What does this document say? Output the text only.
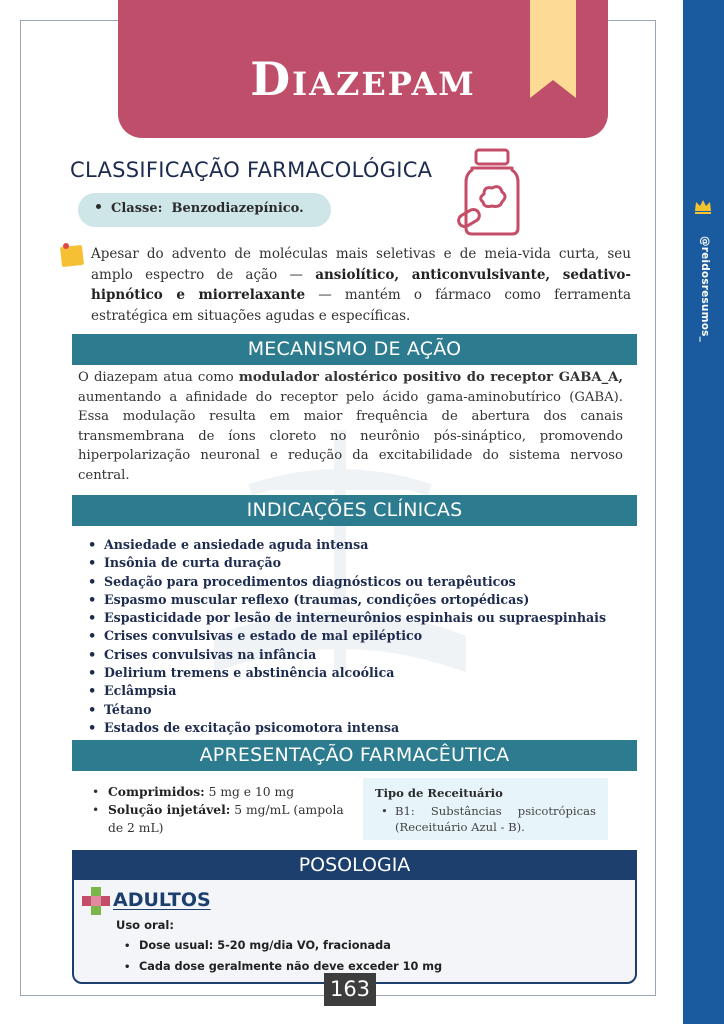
@reidosresumos_
Diazepam
CLASSIFICAÇÃO FARMACOLÓGICA
Classe: Benzodiazepínico.

Apesar do advento de moléculas mais seletivas e de meia-vida curta, seu amplo espectro de ação — ansiolítico, anticonvulsivante, sedativo-hipnótico e miorrelaxante — mantém o fármaco como ferramenta estratégica em situações agudas e específicas.

MECANISMO DE AÇÃO

O diazepam atua como modulador alostérico positivo do receptor GABA_A, aumentando a afinidade do receptor pelo ácido gama-aminobutírico (GABA). Essa modulação resulta em maior frequência de abertura dos canais transmembrana de íons cloreto no neurônio pós-sináptico, promovendo hiperpolarização neuronal e redução da excitabilidade do sistema nervoso central.

INDICAÇÕES CLÍNICAS
• Ansiedade e ansiedade aguda intensa
• Insônia de curta duração
• Sedação para procedimentos diagnósticos ou terapêuticos
• Espasmo muscular reflexo (traumas, condições ortopédicas)
• Espasticidade por lesão de interneurônios espinhais ou supraespinhais
• Crises convulsivas e estado de mal epiléptico
• Crises convulsivas na infância
• Delirium tremens e abstinência alcoólica
• Eclâmpsia
• Tétano
• Estados de excitação psicomotora intensa
APRESENTAÇÃO FARMACÊUTICA
• Comprimidos: 5 mg e 10 mg
• Solução injetável: 5 mg/mL (ampola de 2 mL)
Tipo de Receituário
• B1: Substâncias psicotrópicas (Receituário Azul - B).
POSOLOGIA
ADULTOS
Uso oral:
• Dose usual: 5-20 mg/dia VO, fracionada
• Cada dose geralmente não deve exceder 10 mg
163
